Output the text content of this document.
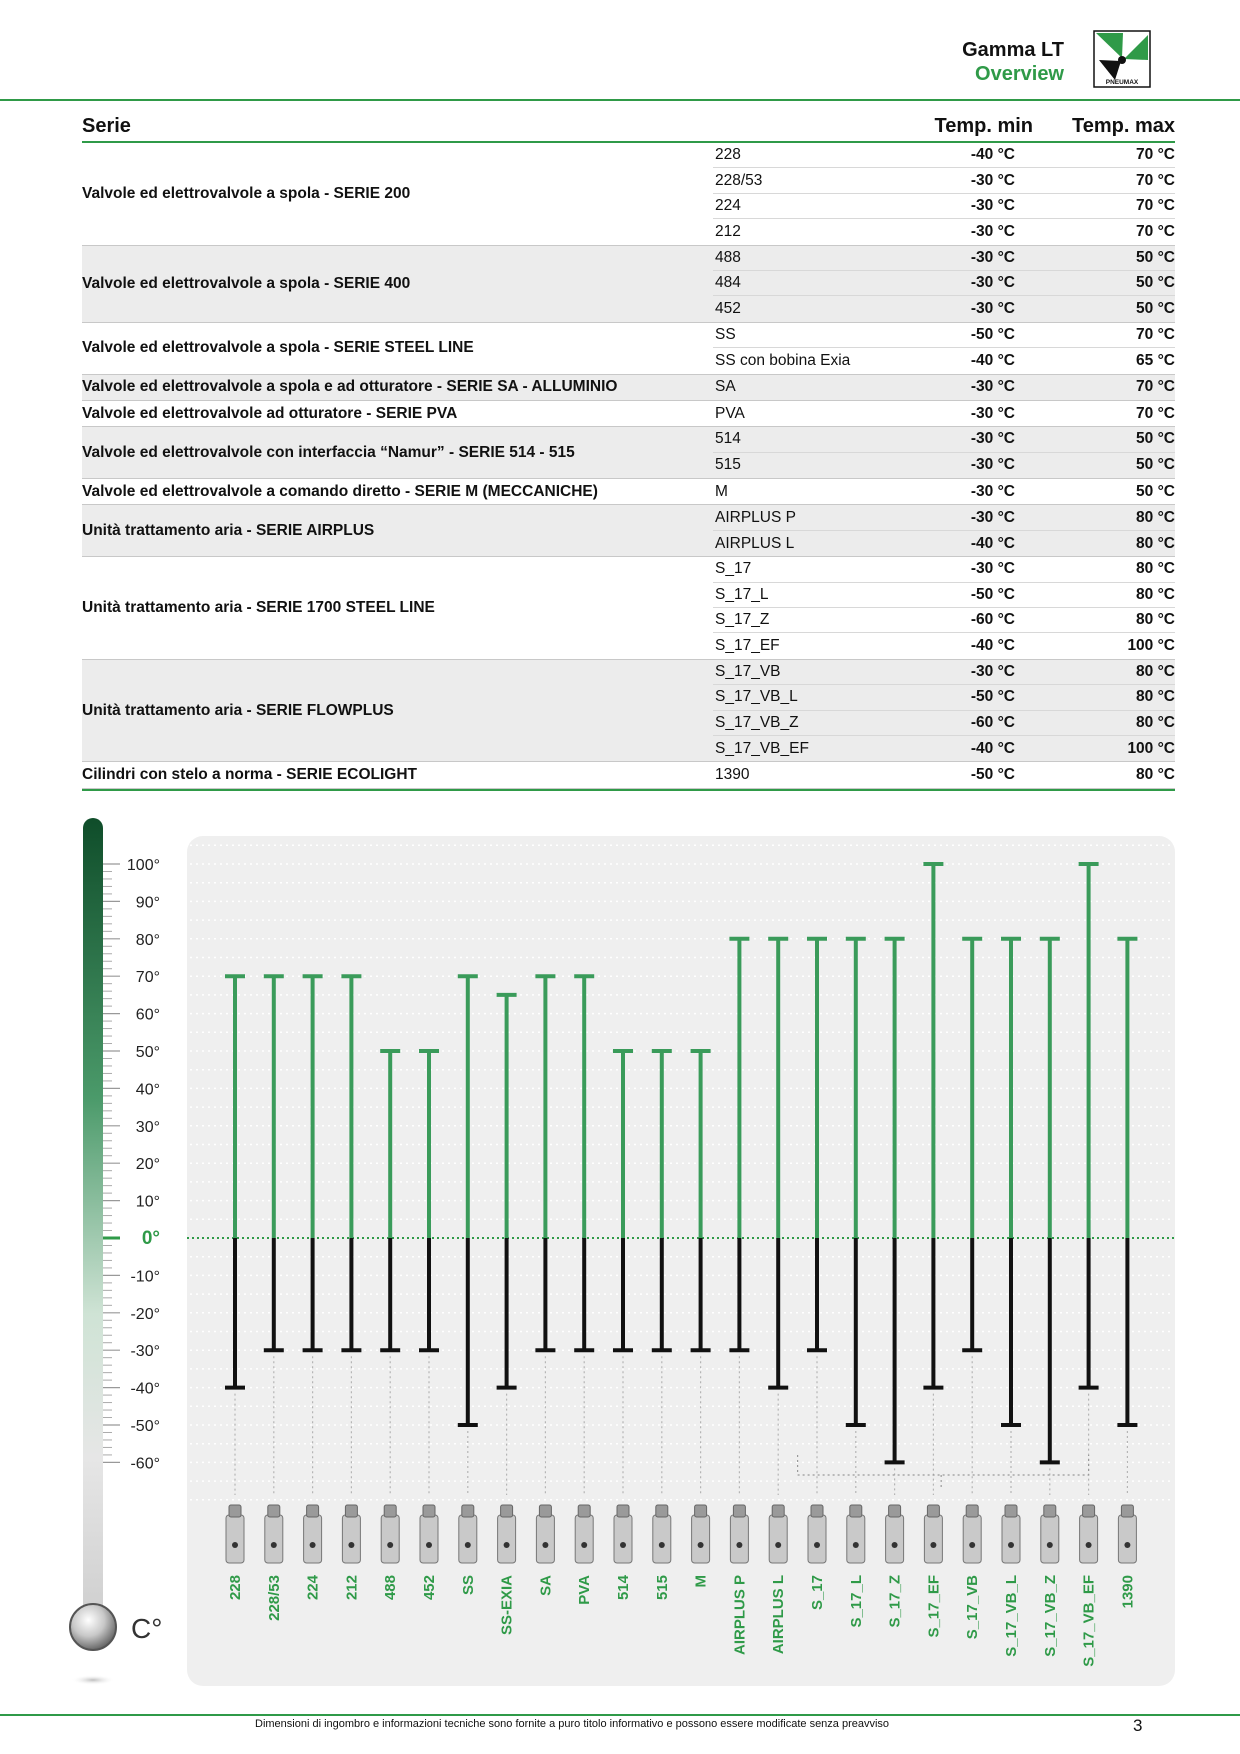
Gamma LT
Overview	PNEUMAX
Serie	Temp. min Temp. max
Valvole ed elettrovalvole a spola - SERIE 200
228	-40 °C	70 °C
228/53	-30 °C	70 °C
224	-30 °C	70 °C
212	-30 °C	70 °C
Valvole ed elettrovalvole a spola - SERIE 400
488	-30 °C	50 °C
484	-30 °C	50 °C
452	-30 °C	50 °C
Valvole ed elettrovalvole a spola - SERIE STEEL LINE
SS	-50 °C	70 °C
SS con bobina Exia	-40 °C	65 °C
Valvole ed elettrovalvole a spola e ad otturatore - SERIE SA - ALLUMINIO	SA	-30 °C	70 °C
Valvole ed elettrovalvole ad otturatore - SERIE PVA	PVA	-30 °C	70 °C
Valvole ed elettrovalvole con interfaccia “Namur” - SERIE 514 - 515
514	-30 °C	50 °C
515	-30 °C	50 °C
Valvole ed elettrovalvole a comando diretto - SERIE M (MECCANICHE)	M	-30 °C	50 °C
Unità trattamento aria - SERIE AIRPLUS
AIRPLUS P	-30 °C	80 °C
AIRPLUS L	-40 °C	80 °C
Unità trattamento aria - SERIE 1700 STEEL LINE
S_17	-30 °C	80 °C
S_17_L	-50 °C	80 °C
S_17_Z	-60 °C	80 °C
S_17_EF	-40 °C	100 °C
Unità trattamento aria - SERIE FLOWPLUS
S_17_VB	-30 °C	80 °C
S_17_VB_L	-50 °C	80 °C
S_17_VB_Z	-60 °C	80 °C
S_17_VB_EF	-40 °C	100 °C
Cilindri con stelo a norma - SERIE ECOLIGHT	1390	-50 °C	80 °C
C°
100°
90°
80°
70°
60°
50°
40°
30°
20°
10°
0°
-10°
-20°
-30°
-40°
-50°
-60°
228 228/53 224 212 488 452 SS SS-EXIA SA PVA 514 515 M AIRPLUS P AIRPLUS L S_17 S_17_L S_17_Z S_17_EF S_17_VB S_17_VB_L S_17_VB_Z S_17_VB_EF 1390
Dimensioni di ingombro e informazioni tecniche sono fornite a puro titolo informativo e possono essere modificate senza preavviso	3
